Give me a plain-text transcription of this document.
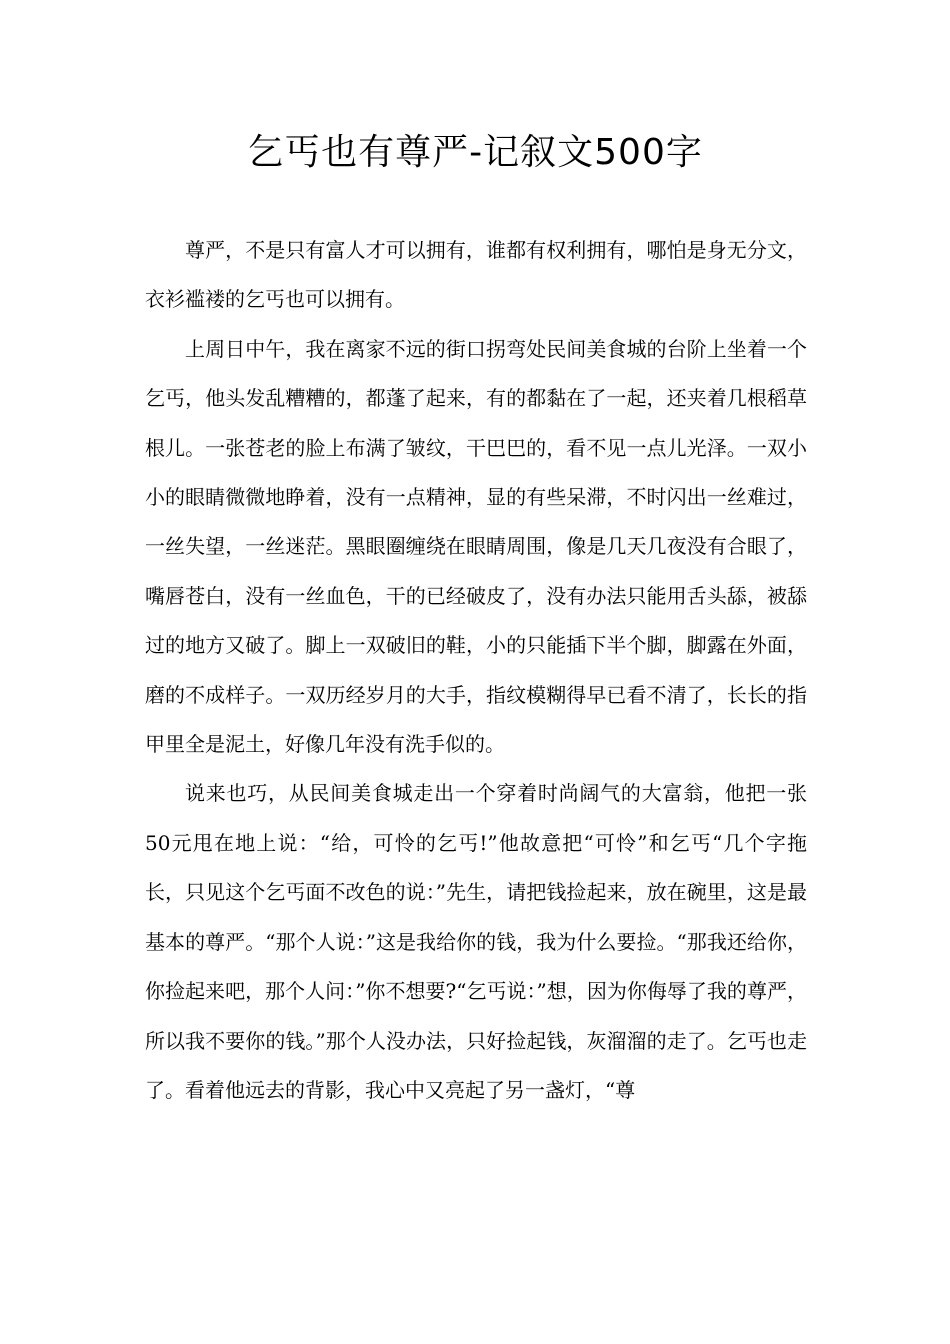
乞丐也有尊严-记叙文500字

尊严，不是只有富人才可以拥有，谁都有权利拥有，哪怕是身无分文，衣衫褴褛的乞丐也可以拥有。

上周日中午，我在离家不远的街口拐弯处民间美食城的台阶上坐着一个乞丐，他头发乱糟糟的，都蓬了起来，有的都黏在了一起，还夹着几根稻草根儿。一张苍老的脸上布满了皱纹，干巴巴的，看不见一点儿光泽。一双小小的眼睛微微地睁着，没有一点精神，显的有些呆滞，不时闪出一丝难过，一丝失望，一丝迷茫。黑眼圈缠绕在眼睛周围，像是几天几夜没有合眼了，嘴唇苍白，没有一丝血色，干的已经破皮了，没有办法只能用舌头舔，被舔过的地方又破了。脚上一双破旧的鞋，小的只能插下半个脚，脚露在外面，磨的不成样子。一双历经岁月的大手，指纹模糊得早已看不清了，长长的指甲里全是泥土，好像几年没有洗手似的。

说来也巧，从民间美食城走出一个穿着时尚阔气的大富翁，他把一张50元甩在地上说：“给，可怜的乞丐!”他故意把“可怜”和乞丐“几个字拖长，只见这个乞丐面不改色的说：”先生，请把钱捡起来，放在碗里，这是最基本的尊严。“那个人说：”这是我给你的钱，我为什么要捡。“那我还给你，你捡起来吧，那个人问：”你不想要?“乞丐说：”想，因为你侮辱了我的尊严，所以我不要你的钱。”那个人没办法，只好捡起钱，灰溜溜的走了。乞丐也走了。看着他远去的背影，我心中又亮起了另一盏灯，“尊
